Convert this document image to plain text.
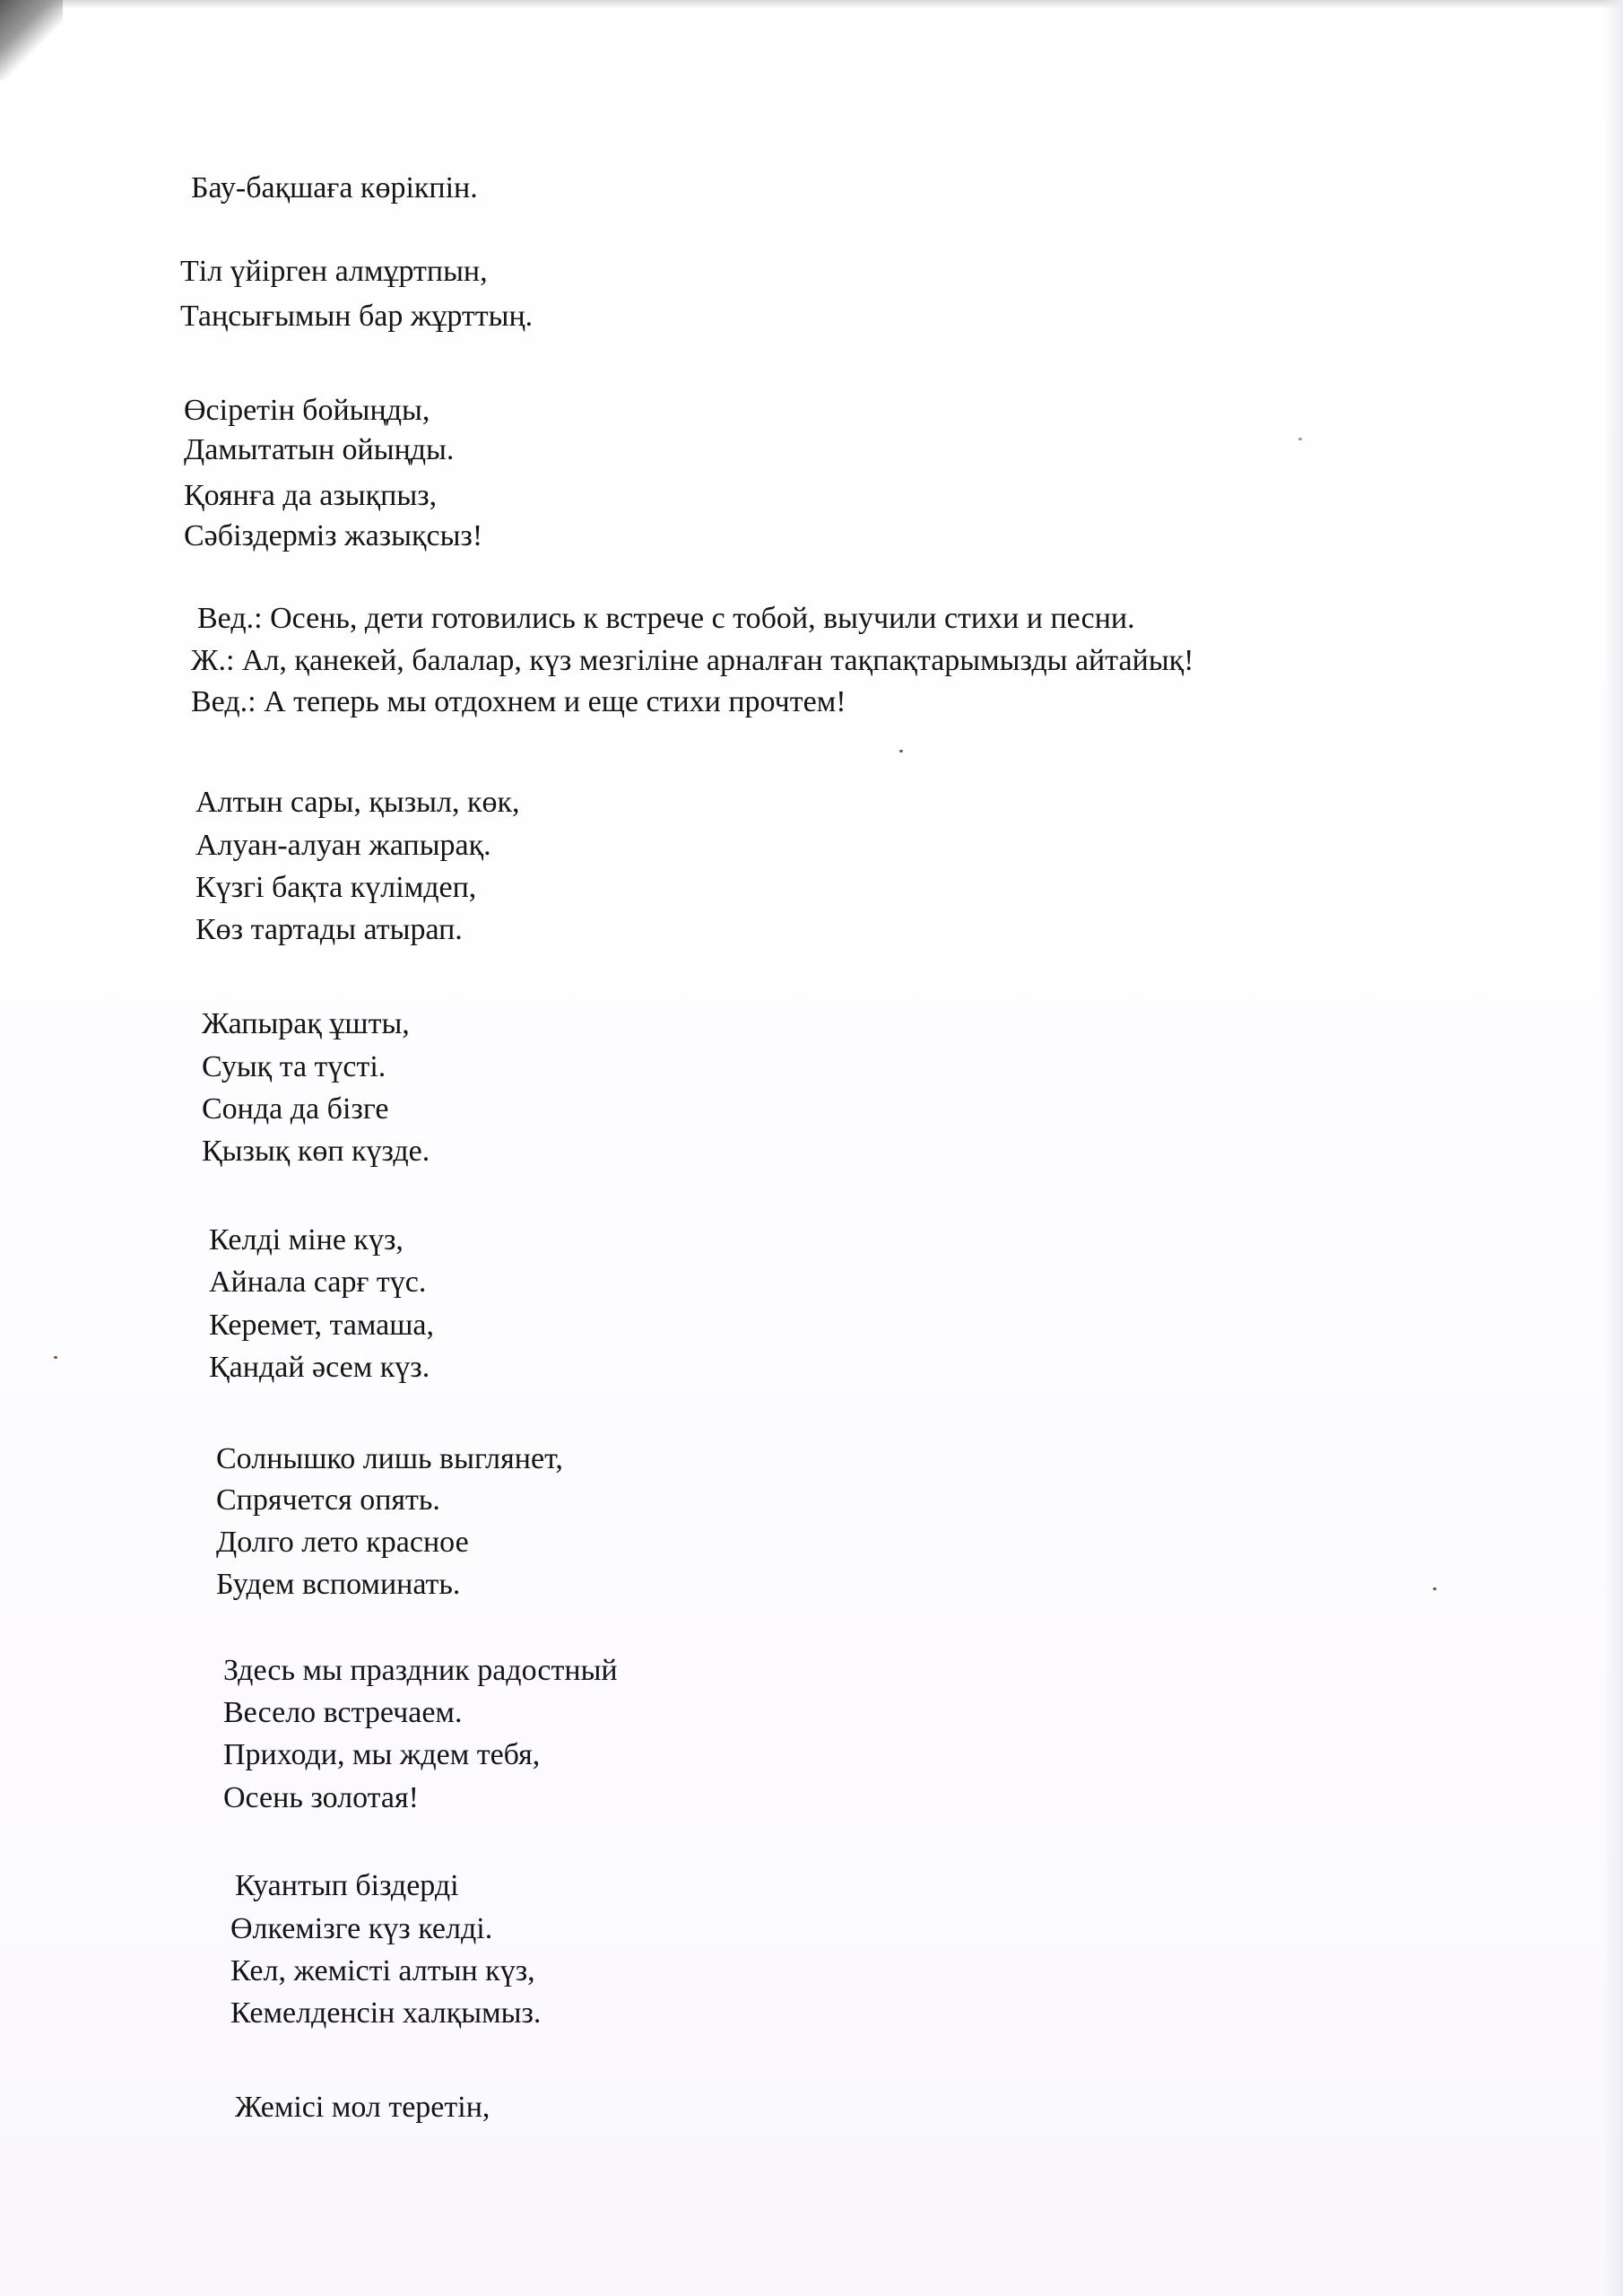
Бау-бақшаға көрікпін.
Тіл үйірген алмұртпын,
Таңсығымын бар жұрттың.
Өсіретін бойыңды,
Дамытатын ойыңды.
Қоянға да азықпыз,
Сәбіздерміз жазықсыз!
Вед.: Осень, дети готовились к встрече с тобой, выучили стихи и песни.
Ж.: Ал, қанекей, балалар, күз мезгіліне арналған тақпақтарымызды айтайық!
Вед.: А теперь мы отдохнем и еще стихи прочтем!
Алтын сары, қызыл, көк,
Алуан-алуан жапырақ.
Күзгі бақта күлімдеп,
Көз тартады атырап.
Жапырақ ұшты,
Суық та түсті.
Сонда да бізге
Қызық көп күзде.
Келді міне күз,
Айнала сарғ түс.
Керемет, тамаша,
Қандай әсем күз.
Солнышко лишь выглянет,
Спрячется опять.
Долго лето красное
Будем вспоминать.
Здесь мы праздник радостный
Весело встречаем.
Приходи, мы ждем тебя,
Осень золотая!
Куантып біздерді
Өлкемізге күз келді.
Кел, жемісті алтын күз,
Кемелденсін халқымыз.
Жемісі мол теретін,
